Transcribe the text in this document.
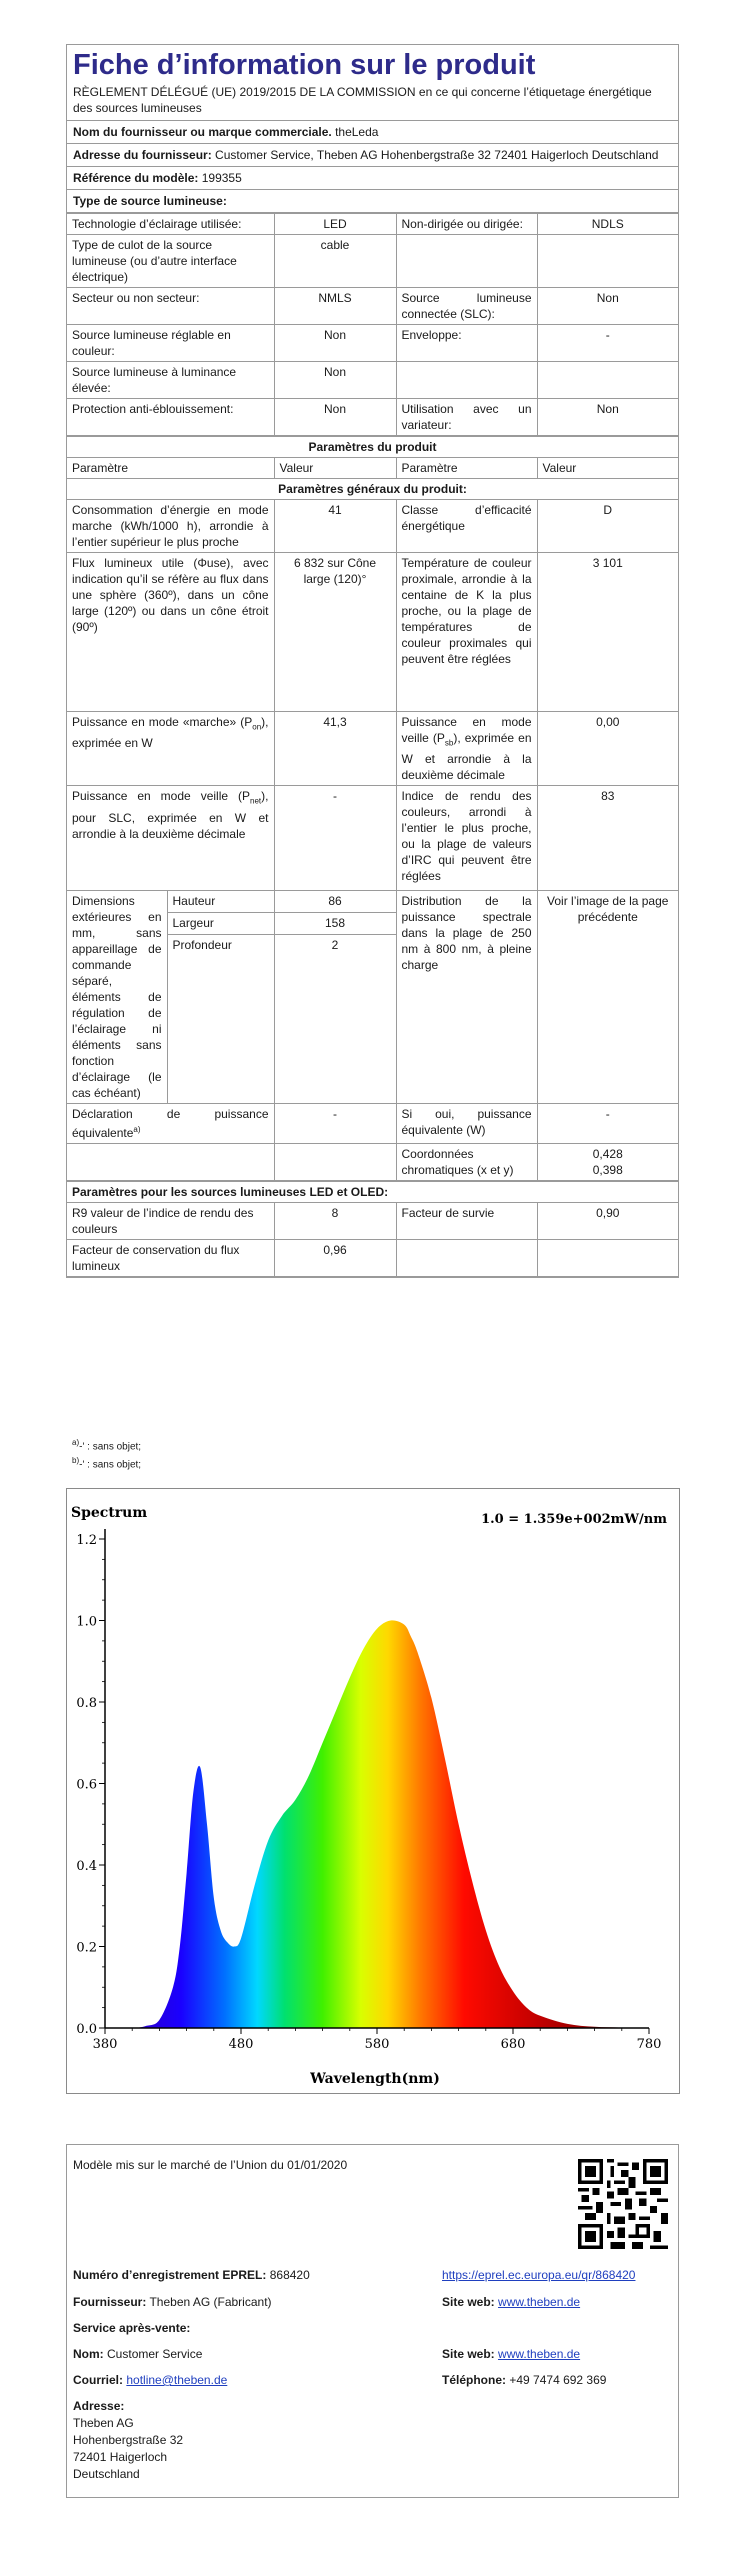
Fiche d’information sur le produit
RÈGLEMENT DÉLÉGUÉ (UE) 2019/2015 DE LA COMMISSION en ce qui concerne l’étiquetage énergétique des sources lumineuses
Nom du fournisseur ou marque commerciale. theLeda
Adresse du fournisseur: Customer Service, Theben AG Hohenbergstraße 32 72401 Haigerloch Deutschland
Référence du modèle: 199355
Type de source lumineuse:
Technologie d’éclairage utilisée:	LED	Non-dirigée ou dirigée:	NDLS
Type de culot de la source lumineuse (ou d’autre interface électrique)	cable		
Secteur ou non secteur:	NMLS	Source lumineuse connectée (SLC):	Non
Source lumineuse réglable en couleur:	Non	Enveloppe:	-
Source lumineuse à luminance élevée:	Non		
Protection anti-éblouissement:	Non	Utilisation avec un variateur:	Non
Paramètres du produit				
Paramètre		Valeur	Paramètre	Valeur
Paramètres généraux du produit:				
Consommation d’énergie en mode marche (kWh/1000 h), arrondie à l’entier supérieur le plus proche		41	Classe d’efficacité énergétique	D
Flux lumineux utile (Φuse), avec indication qu’il se réfère au flux dans une sphère (360º), dans un cône large (120º) ou dans un cône étroit (90º)		6 832 sur Cône large (120)°	Température de couleur proximale, arrondie à la centaine de K la plus proche, ou la plage de températures de couleur proximales qui peuvent être réglées	3 101
Puissance en mode «marche» $(P_{on})$, exprimée en W		41,3	Puissance en mode veille $(P_{sb})$, exprimée en W et arrondie à la deuxième décimale	0,00
Puissance en mode veille $(P_{net})$, pour SLC, exprimée en W et arrondie à la deuxième décimale		-	Indice de rendu des couleurs, arrondi à l’entier le plus proche, ou la plage de valeurs d’IRC qui peuvent être réglées	83
Dimensions extérieures en mm, sans appareillage de commande séparé, éléments de régulation de l’éclairage ni éléments sans fonction d’éclairage (le cas échéant)	Hauteur	86	Distribution de la puissance spectrale dans la plage de 250 nm à 800 nm, à pleine charge	Voir l’image de la page précédente
	Largeur	158		
	Profondeur	2		
Déclaration de puissance équivalente$^{a)}$		-	Si oui, puissance équivalente (W)	-
			Coordonnées chromatiques (x et y)	0,428
0,398
Paramètres pour les sources lumineuses LED et OLED:			
R9 valeur de l’indice de rendu des couleurs	8	Facteur de survie	0,90
Facteur de conservation du flux lumineux	0,96		
$^{a)}$-' : sans objet;
$^{b)}$-' : sans objet;
0.0
0.2
0.4
0.6
0.8
1.0
1.2
380	480	580	680	780
Spectrum	1.0 = 1.359e+002mW/nm
Wavelength(nm)
Modèle mis sur le marché de l’Union du 01/01/2020
Numéro d’enregistrement EPREL: 868420	https://eprel.ec.europa.eu/qr/868420
Fournisseur: Theben AG (Fabricant)	Site web: www.theben.de
Service après-vente:
Nom: Customer Service	Site web: www.theben.de
Courriel: hotline@theben.de	Téléphone: +49 7474 692 369
Adresse:
Theben AG
Hohenbergstraße 32
72401 Haigerloch
Deutschland
